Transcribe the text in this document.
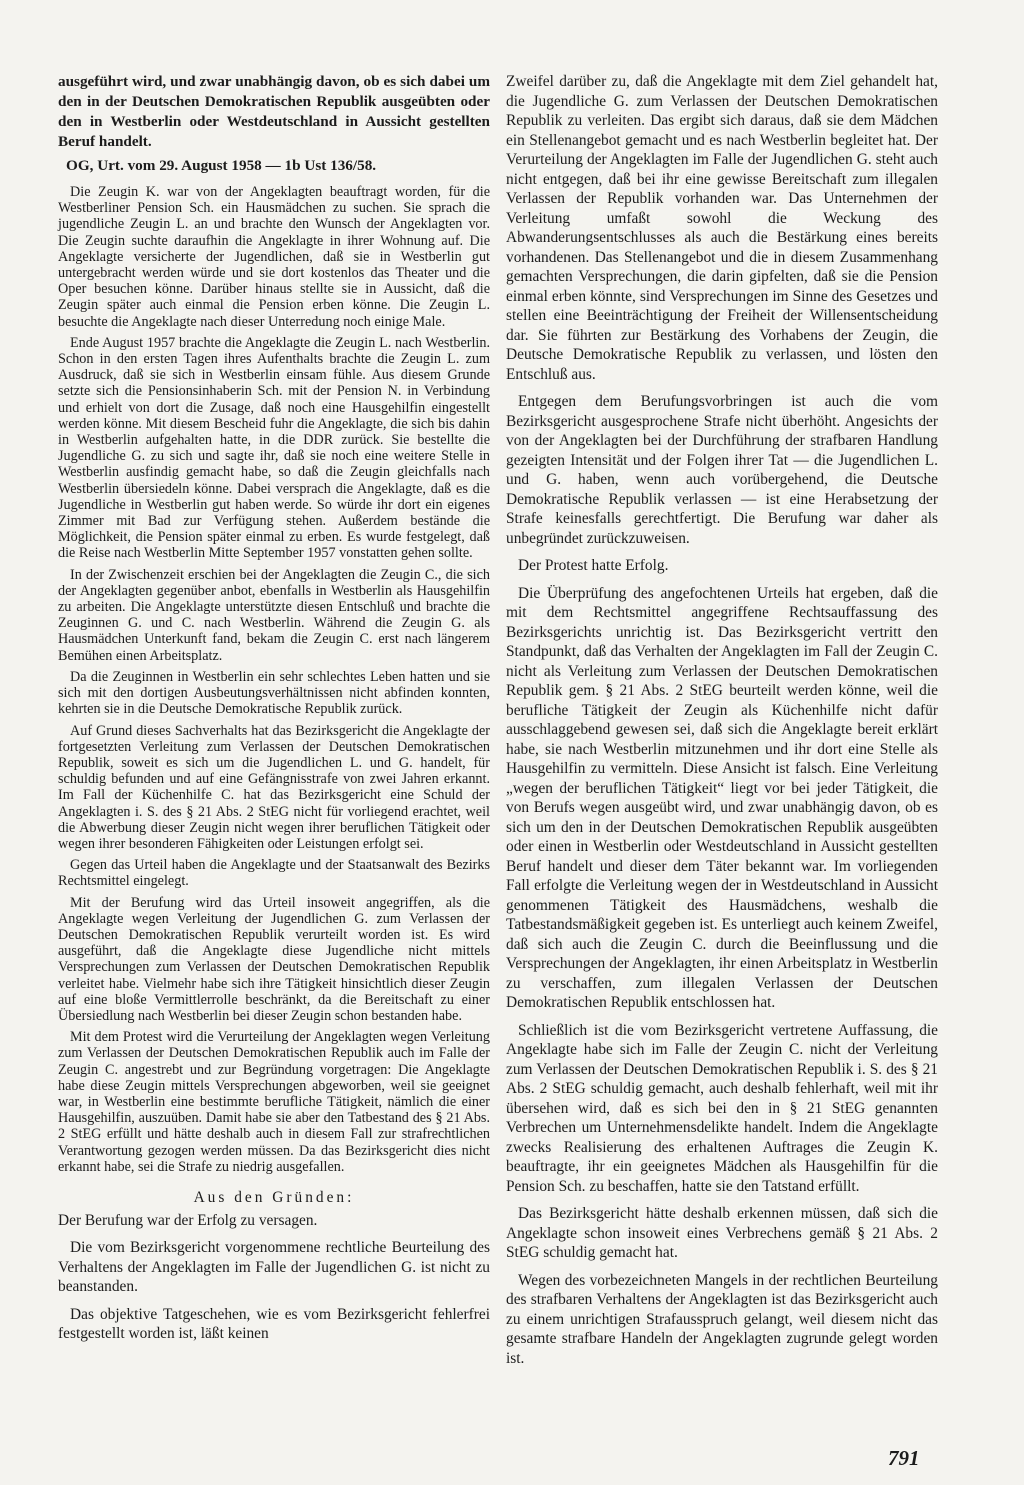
ausgeführt wird, und zwar unabhängig davon, ob es sich dabei um den in der Deutschen Demokratischen Republik ausgeübten oder den in Westberlin oder Westdeutschland in Aussicht gestellten Beruf handelt.
OG, Urt. vom 29. August 1958 — 1b Ust 136/58.

Die Zeugin K. war von der Angeklagten beauftragt worden, für die Westberliner Pension Sch. ein Hausmädchen zu suchen. Sie sprach die jugendliche Zeugin L. an und brachte den Wunsch der Angeklagten vor. Die Zeugin suchte daraufhin die Angeklagte in ihrer Wohnung auf. Die Angeklagte versicherte der Jugendlichen, daß sie in Westberlin gut untergebracht werden würde und sie dort kostenlos das Theater und die Oper besuchen könne. Darüber hinaus stellte sie in Aussicht, daß die Zeugin später auch einmal die Pension erben könne. Die Zeugin L. besuchte die Angeklagte nach dieser Unterredung noch einige Male.

Ende August 1957 brachte die Angeklagte die Zeugin L. nach Westberlin. Schon in den ersten Tagen ihres Aufenthalts brachte die Zeugin L. zum Ausdruck, daß sie sich in Westberlin einsam fühle. Aus diesem Grunde setzte sich die Pensionsinhaberin Sch. mit der Pension N. in Verbindung und erhielt von dort die Zusage, daß noch eine Hausgehilfin eingestellt werden könne. Mit diesem Bescheid fuhr die Angeklagte, die sich bis dahin in Westberlin aufgehalten hatte, in die DDR zurück. Sie bestellte die Jugendliche G. zu sich und sagte ihr, daß sie noch eine weitere Stelle in Westberlin ausfindig gemacht habe, so daß die Zeugin gleichfalls nach Westberlin übersiedeln könne. Dabei versprach die Angeklagte, daß es die Jugendliche in Westberlin gut haben werde. So würde ihr dort ein eigenes Zimmer mit Bad zur Verfügung stehen. Außerdem bestände die Möglichkeit, die Pension später einmal zu erben. Es wurde festgelegt, daß die Reise nach Westberlin Mitte September 1957 vonstatten gehen sollte.

In der Zwischenzeit erschien bei der Angeklagten die Zeugin C., die sich der Angeklagten gegenüber anbot, ebenfalls in Westberlin als Hausgehilfin zu arbeiten. Die Angeklagte unterstützte diesen Entschluß und brachte die Zeuginnen G. und C. nach Westberlin. Während die Zeugin G. als Hausmädchen Unterkunft fand, bekam die Zeugin C. erst nach längerem Bemühen einen Arbeitsplatz.

Da die Zeuginnen in Westberlin ein sehr schlechtes Leben hatten und sie sich mit den dortigen Ausbeutungsverhältnissen nicht abfinden konnten, kehrten sie in die Deutsche Demokratische Republik zurück.

Auf Grund dieses Sachverhalts hat das Bezirksgericht die Angeklagte der fortgesetzten Verleitung zum Verlassen der Deutschen Demokratischen Republik, soweit es sich um die Jugendlichen L. und G. handelt, für schuldig befunden und auf eine Gefängnisstrafe von zwei Jahren erkannt. Im Fall der Küchenhilfe C. hat das Bezirksgericht eine Schuld der Angeklagten i. S. des § 21 Abs. 2 StEG nicht für vorliegend erachtet, weil die Abwerbung dieser Zeugin nicht wegen ihrer beruflichen Tätigkeit oder wegen ihrer besonderen Fähigkeiten oder Leistungen erfolgt sei.

Gegen das Urteil haben die Angeklagte und der Staatsanwalt des Bezirks Rechtsmittel eingelegt.

Mit der Berufung wird das Urteil insoweit angegriffen, als die Angeklagte wegen Verleitung der Jugendlichen G. zum Verlassen der Deutschen Demokratischen Republik verurteilt worden ist. Es wird ausgeführt, daß die Angeklagte diese Jugendliche nicht mittels Versprechungen zum Verlassen der Deutschen Demokratischen Republik verleitet habe. Vielmehr habe sich ihre Tätigkeit hinsichtlich dieser Zeugin auf eine bloße Vermittlerrolle beschränkt, da die Bereitschaft zu einer Übersiedlung nach Westberlin bei dieser Zeugin schon bestanden habe.

Mit dem Protest wird die Verurteilung der Angeklagten wegen Verleitung zum Verlassen der Deutschen Demokratischen Republik auch im Falle der Zeugin C. angestrebt und zur Begründung vorgetragen: Die Angeklagte habe diese Zeugin mittels Versprechungen abgeworben, weil sie geeignet war, in Westberlin eine bestimmte berufliche Tätigkeit, nämlich die einer Hausgehilfin, auszuüben. Damit habe sie aber den Tatbestand des § 21 Abs. 2 StEG erfüllt und hätte deshalb auch in diesem Fall zur strafrechtlichen Verantwortung gezogen werden müssen. Da das Bezirksgericht dies nicht erkannt habe, sei die Strafe zu niedrig ausgefallen.

Aus den Gründen:

Der Berufung war der Erfolg zu versagen.

Die vom Bezirksgericht vorgenommene rechtliche Beurteilung des Verhaltens der Angeklagten im Falle der Jugendlichen G. ist nicht zu beanstanden.

Das objektive Tatgeschehen, wie es vom Bezirksgericht fehlerfrei festgestellt worden ist, läßt keinen

Zweifel darüber zu, daß die Angeklagte mit dem Ziel gehandelt hat, die Jugendliche G. zum Verlassen der Deutschen Demokratischen Republik zu verleiten. Das ergibt sich daraus, daß sie dem Mädchen ein Stellenangebot gemacht und es nach Westberlin begleitet hat. Der Verurteilung der Angeklagten im Falle der Jugendlichen G. steht auch nicht entgegen, daß bei ihr eine gewisse Bereitschaft zum illegalen Verlassen der Republik vorhanden war. Das Unternehmen der Verleitung umfaßt sowohl die Weckung des Abwanderungsentschlusses als auch die Bestärkung eines bereits vorhandenen. Das Stellenangebot und die in diesem Zusammenhang gemachten Versprechungen, die darin gipfelten, daß sie die Pension einmal erben könnte, sind Versprechungen im Sinne des Gesetzes und stellen eine Beeinträchtigung der Freiheit der Willensentscheidung dar. Sie führten zur Bestärkung des Vorhabens der Zeugin, die Deutsche Demokratische Republik zu verlassen, und lösten den Entschluß aus.

Entgegen dem Berufungsvorbringen ist auch die vom Bezirksgericht ausgesprochene Strafe nicht überhöht. Angesichts der von der Angeklagten bei der Durchführung der strafbaren Handlung gezeigten Intensität und der Folgen ihrer Tat — die Jugendlichen L. und G. haben, wenn auch vorübergehend, die Deutsche Demokratische Republik verlassen — ist eine Herabsetzung der Strafe keinesfalls gerechtfertigt. Die Berufung war daher als unbegründet zurückzuweisen.

Der Protest hatte Erfolg.

Die Überprüfung des angefochtenen Urteils hat ergeben, daß die mit dem Rechtsmittel angegriffene Rechtsauffassung des Bezirksgerichts unrichtig ist. Das Bezirksgericht vertritt den Standpunkt, daß das Verhalten der Angeklagten im Fall der Zeugin C. nicht als Verleitung zum Verlassen der Deutschen Demokratischen Republik gem. § 21 Abs. 2 StEG beurteilt werden könne, weil die berufliche Tätigkeit der Zeugin als Küchenhilfe nicht dafür ausschlaggebend gewesen sei, daß sich die Angeklagte bereit erklärt habe, sie nach Westberlin mitzunehmen und ihr dort eine Stelle als Hausgehilfin zu vermitteln. Diese Ansicht ist falsch. Eine Verleitung „wegen der beruflichen Tätigkeit“ liegt vor bei jeder Tätigkeit, die von Berufs wegen ausgeübt wird, und zwar unabhängig davon, ob es sich um den in der Deutschen Demokratischen Republik ausgeübten oder einen in Westberlin oder Westdeutschland in Aussicht gestellten Beruf handelt und dieser dem Täter bekannt war. Im vorliegenden Fall erfolgte die Verleitung wegen der in Westdeutschland in Aussicht genommenen Tätigkeit des Hausmädchens, weshalb die Tatbestandsmäßigkeit gegeben ist. Es unterliegt auch keinem Zweifel, daß sich auch die Zeugin C. durch die Beeinflussung und die Versprechungen der Angeklagten, ihr einen Arbeitsplatz in Westberlin zu verschaffen, zum illegalen Verlassen der Deutschen Demokratischen Republik entschlossen hat.

Schließlich ist die vom Bezirksgericht vertretene Auffassung, die Angeklagte habe sich im Falle der Zeugin C. nicht der Verleitung zum Verlassen der Deutschen Demokratischen Republik i. S. des § 21 Abs. 2 StEG schuldig gemacht, auch deshalb fehlerhaft, weil mit ihr übersehen wird, daß es sich bei den in § 21 StEG genannten Verbrechen um Unternehmensdelikte handelt. Indem die Angeklagte zwecks Realisierung des erhaltenen Auftrages die Zeugin K. beauftragte, ihr ein geeignetes Mädchen als Hausgehilfin für die Pension Sch. zu beschaffen, hatte sie den Tatstand erfüllt.

Das Bezirksgericht hätte deshalb erkennen müssen, daß sich die Angeklagte schon insoweit eines Verbrechens gemäß § 21 Abs. 2 StEG schuldig gemacht hat.

Wegen des vorbezeichneten Mangels in der rechtlichen Beurteilung des strafbaren Verhaltens der Angeklagten ist das Bezirksgericht auch zu einem unrichtigen Strafausspruch gelangt, weil diesem nicht das gesamte strafbare Handeln der Angeklagten zugrunde gelegt worden ist.

791
